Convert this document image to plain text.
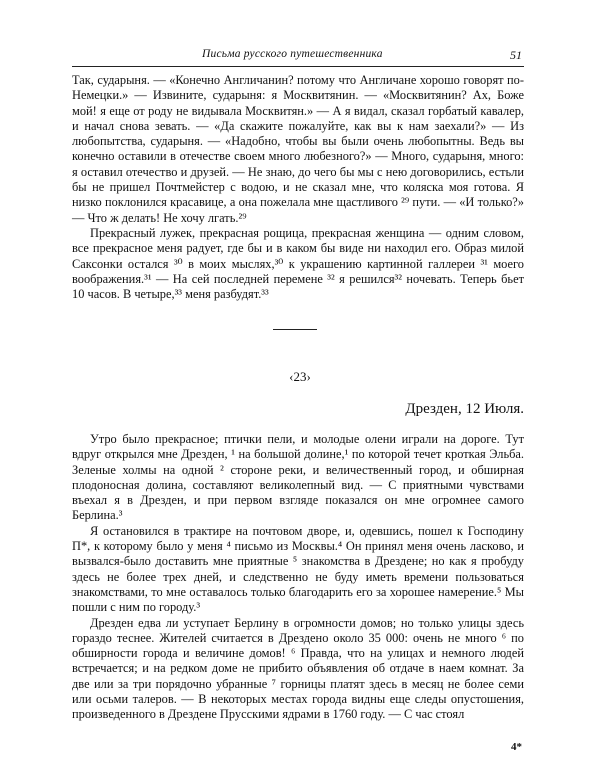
Письма русского путешественника	51

Так, сударыня. — «Конечно Англичанин? потому что Англичане хорошо говорят по-Немецки.» — Извините, сударыня: я Москвитянин. — «Москвитянин? Ах, Боже мой! я еще от роду не видывала Москвитян.» — А я видал, сказал горбатый кавалер, и начал снова зевать. — «Да скажите пожалуйте, как вы к нам заехали?» — Из любопытства, сударыня. — «Надобно, чтобы вы были очень любопытны. Ведь вы конечно оставили в отечестве своем много любезного?» — Много, сударыня, много: я оставил отечество и друзей. — Не знаю, до чего бы мы с нею договорились, естьли бы не пришел Почтмейстер с водою, и не сказал мне, что коляска моя готова. Я низко поклонился красавице, а она пожелала мне щастливого ²⁹ пути. — «И только?» — Что ж делать! Не хочу лгать.²⁹

Прекрасный лужек, прекрасная рощица, прекрасная женщина — одним словом, все прекрасное меня радует, где бы и в каком бы виде ни находил его. Образ милой Саксонки остался ³⁰ в моих мыслях,³⁰ к украшению картинной галлереи ³¹ моего воображения.³¹ — На сей последней перемене ³² я решился³² ночевать. Теперь бьет 10 часов. В четыре,³³ меня разбудят.³³

‹23›
Дрезден, 12 Июля.

Утро было прекрасное; птички пели, и молодые олени играли на дороге. Тут вдруг открылся мне Дрезден, ¹ на большой долине,¹ по которой течет кроткая Эльба. Зеленые холмы на одной ² стороне реки, и величественный город, и обширная плодоносная долина, составляют великолепный вид. — С приятными чувствами въехал я в Дрезден, и при первом взгляде показался он мне огромнее самого Берлина.³

Я остановился в трактире на почтовом дворе, и, одевшись, пошел к Господину П*, к которому было у меня ⁴ письмо из Москвы.⁴ Он принял меня очень ласково, и вызвался-было доставить мне приятные ⁵ знакомства в Дрездене; но как я пробуду здесь не более трех дней, и следственно не буду иметь времени пользоваться знакомствами, то мне оставалось только благодарить его за хорошее намерение.⁵ Мы пошли с ним по городу.³

Дрезден едва ли уступает Берлину в огромности домов; но только улицы здесь гораздо теснее. Жителей считается в Дрездено около 35 000: очень не много ⁶ по обширности города и величине домов! ⁶ Правда, что на улицах и немного людей встречается; и на редком доме не прибито объявления об отдаче в наем комнат. За две или за три порядочно убранные ⁷ горницы платят здесь в месяц не более семи или осьми талеров. — В некоторых местах города видны еще следы опустошения, произведенного в Дрездене Прусскими ядрами в 1760 году. — С час стоял

4*
